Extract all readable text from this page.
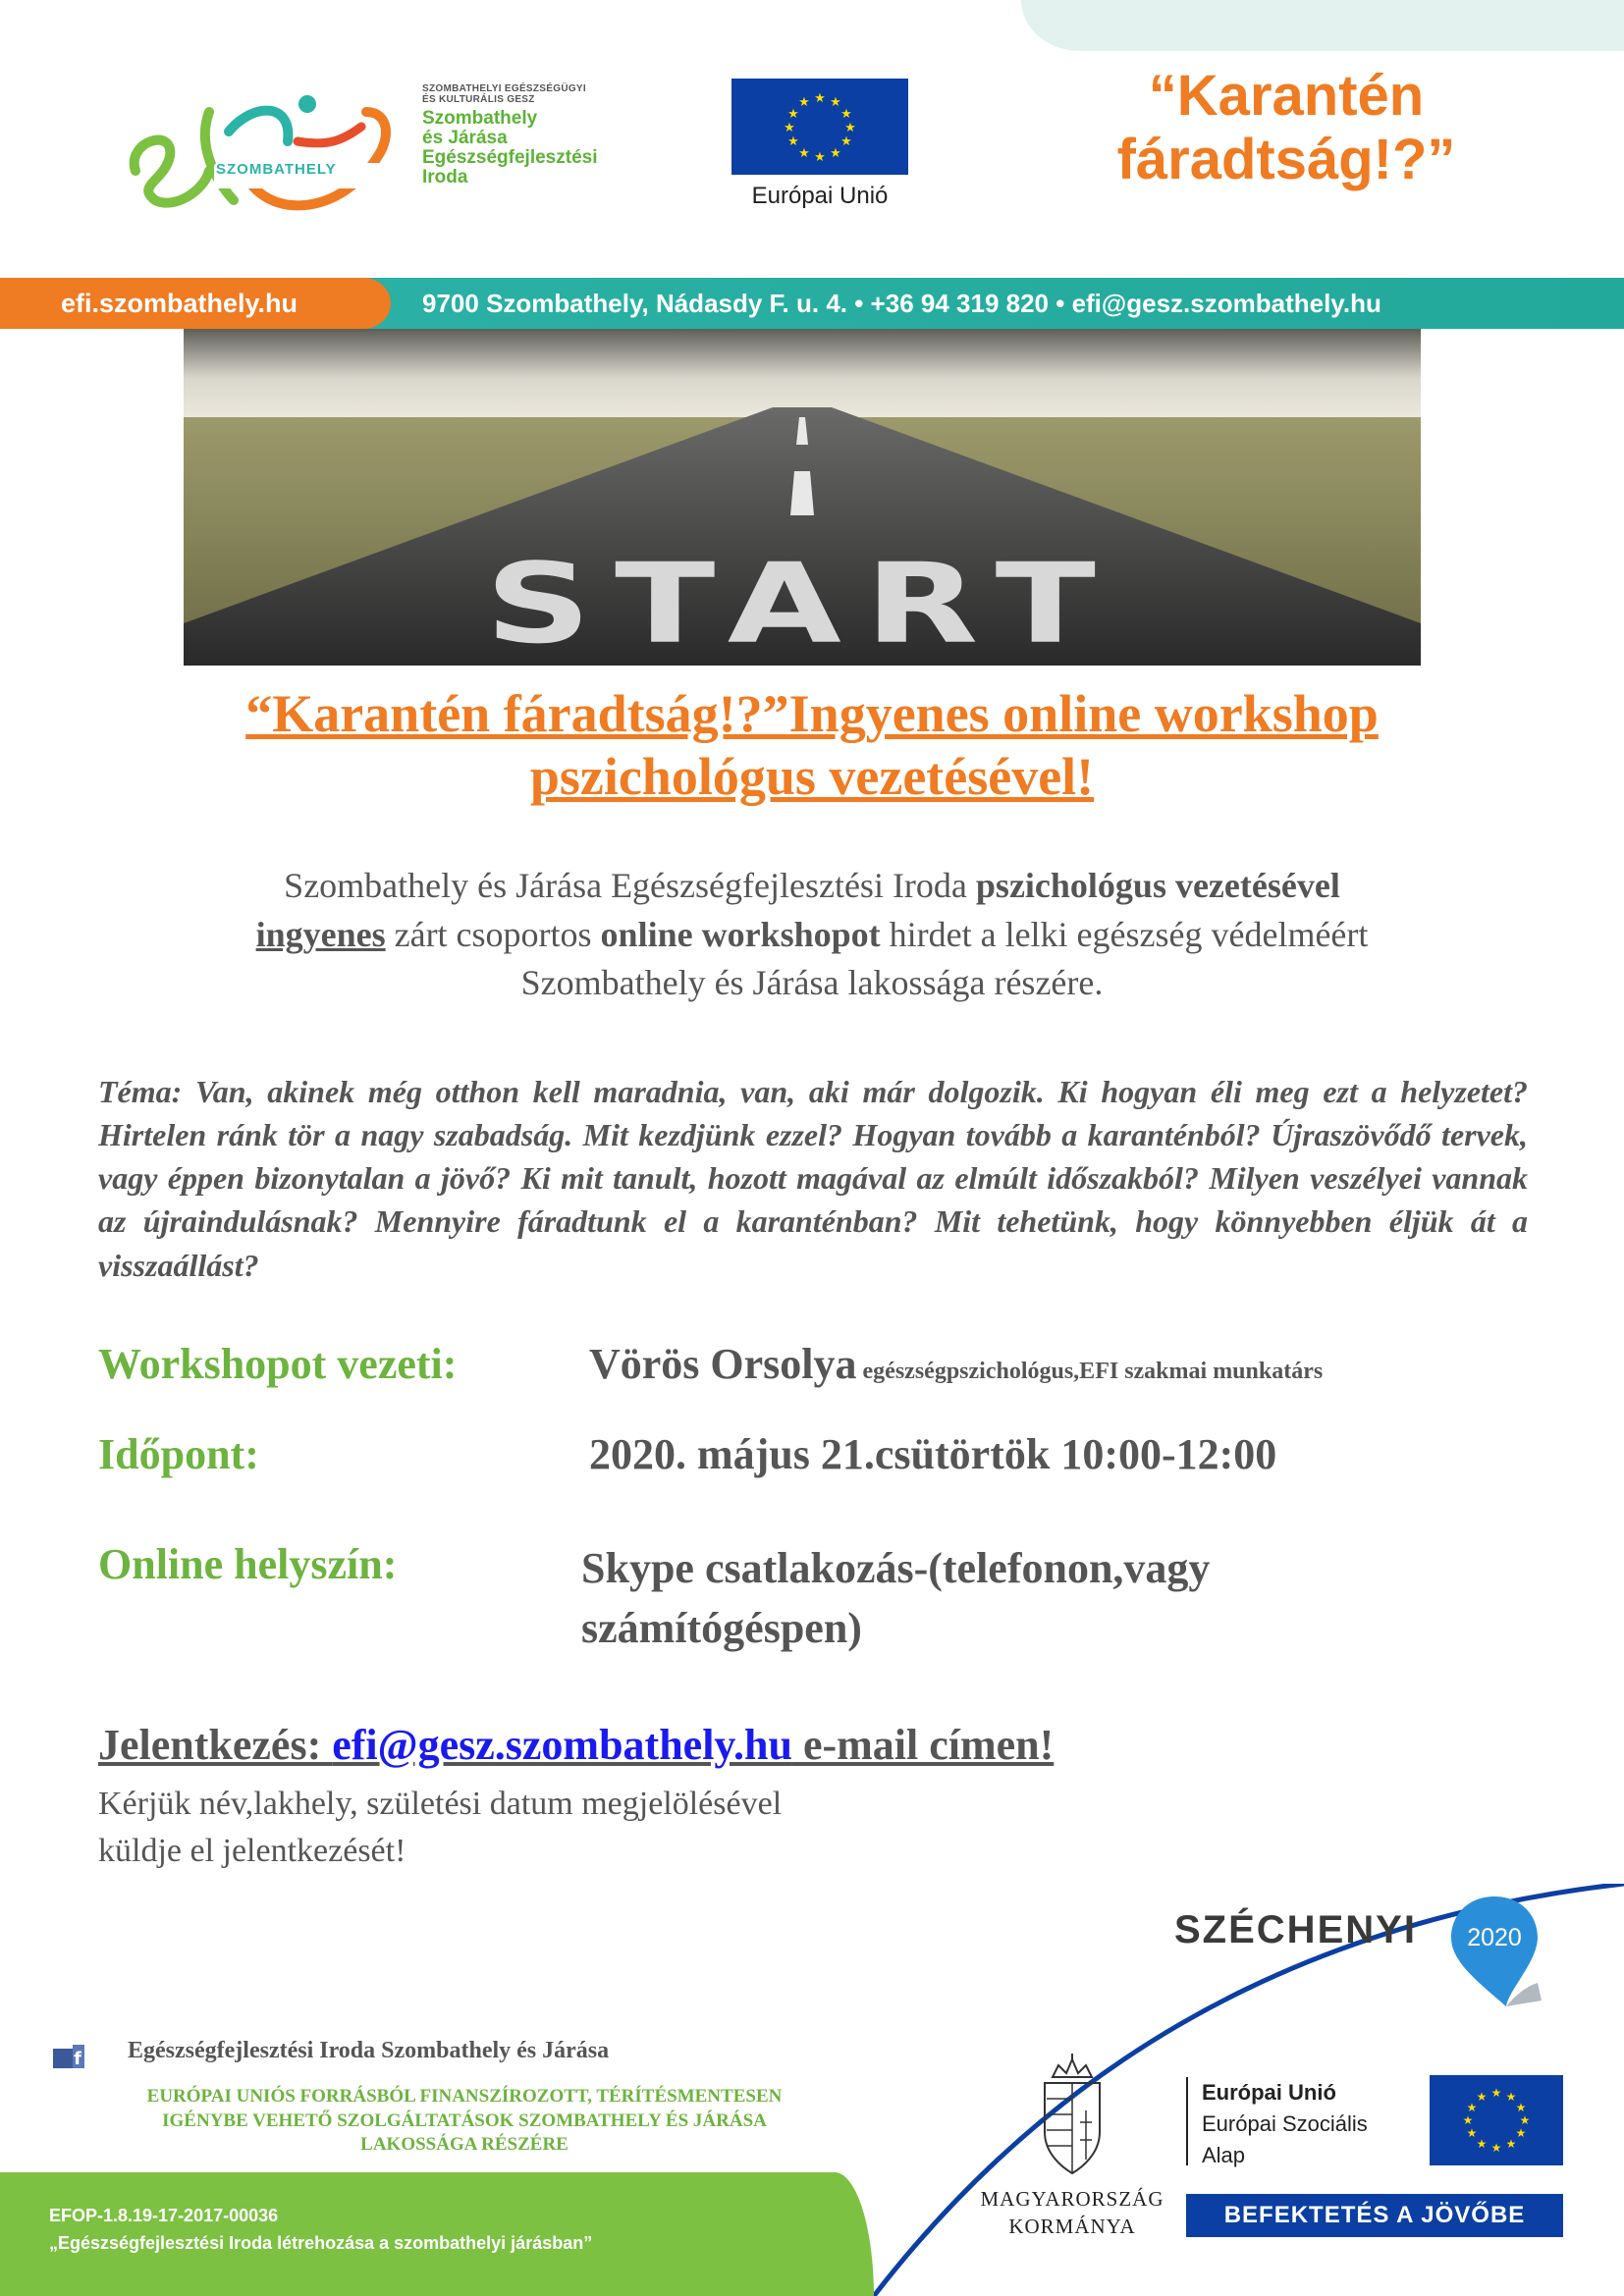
SZOMBATHELY
SZOMBATHELYI EGÉSZSÉGÜGYI
ÉS KULTURÁLIS GESZ
Szombathely
és Járása
Egészségfejlesztési
Iroda
★ ★
★
★
★
★
★
★
★
★
★
★
Európai Unió
“Karantén
fáradtság!?”
efi.szombathely.hu	9700 Szombathely, Nádasdy F. u. 4. • +36 94 319 820 • efi@gesz.szombathely.hu
START
“Karantén fáradtság!?”Ingyenes online workshop
pszichológus vezetésével!
Szombathely és Járása Egészségfejlesztési Iroda pszichológus vezetésével
ingyenes zárt csoportos online workshopot hirdet a lelki egészség védelméért
Szombathely és Járása lakossága részére.
Téma: Van, akinek még otthon kell maradnia, van, aki már dolgozik. Ki hogyan éli meg ezt a helyzetet? Hirtelen ránk tör a nagy szabadság. Mit kezdjünk ezzel? Hogyan tovább a karanténból? Újraszövődő tervek, vagy éppen bizonytalan a jövő? Ki mit tanult, hozott magával az elmúlt időszakból? Milyen veszélyei vannak az újraindulásnak? Mennyire fáradtunk el a karanténban? Mit tehetünk, hogy könnyebben éljük át a visszaállást?
Workshopot vezeti:	Vörös Orsolya egészségpszichológus,EFI szakmai munkatárs
Időpont:	2020. május 21.csütörtök 10:00-12:00
Online helyszín:	Skype csatlakozás-(telefonon,vagy
számítógéspen)
Jelentkezés: efi@gesz.szombathely.hu e-mail címen!
Kérjük név,lakhely, születési datum megjelölésével
küldje el jelentkezését!
SZÉCHENYI	2020
f Egészségfejlesztési Iroda Szombathely és Járása
EURÓPAI UNIÓS FORRÁSBÓL FINANSZÍROZOTT, TÉRÍTÉSMENTESEN
IGÉNYBE VEHETŐ SZOLGÁLTATÁSOK SZOMBATHELY ÉS JÁRÁSA
LAKOSSÁGA RÉSZÉRE
EFOP-1.8.19-17-2017-00036
„Egészségfejlesztési Iroda létrehozása a szombathelyi járásban”
MAGYARORSZÁG
KORMÁNYA
Európai Unió
Európai Szociális
Alap
★ ★
★
★
★
★
★
★
★
★
★
★
BEFEKTETÉS A JÖVŐBE
